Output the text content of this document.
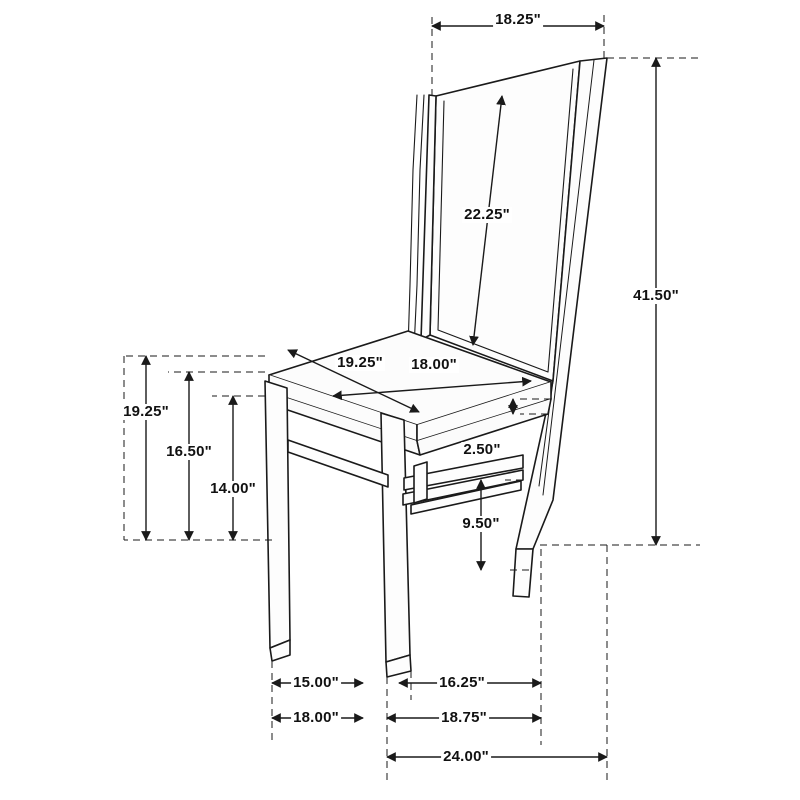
18.25"
41.50"
22.25"
19.25" 18.00"
19.25"
16.50"
14.00"
2.50"
9.50"
15.00"	16.25"
18.00"	18.75"
24.00"
